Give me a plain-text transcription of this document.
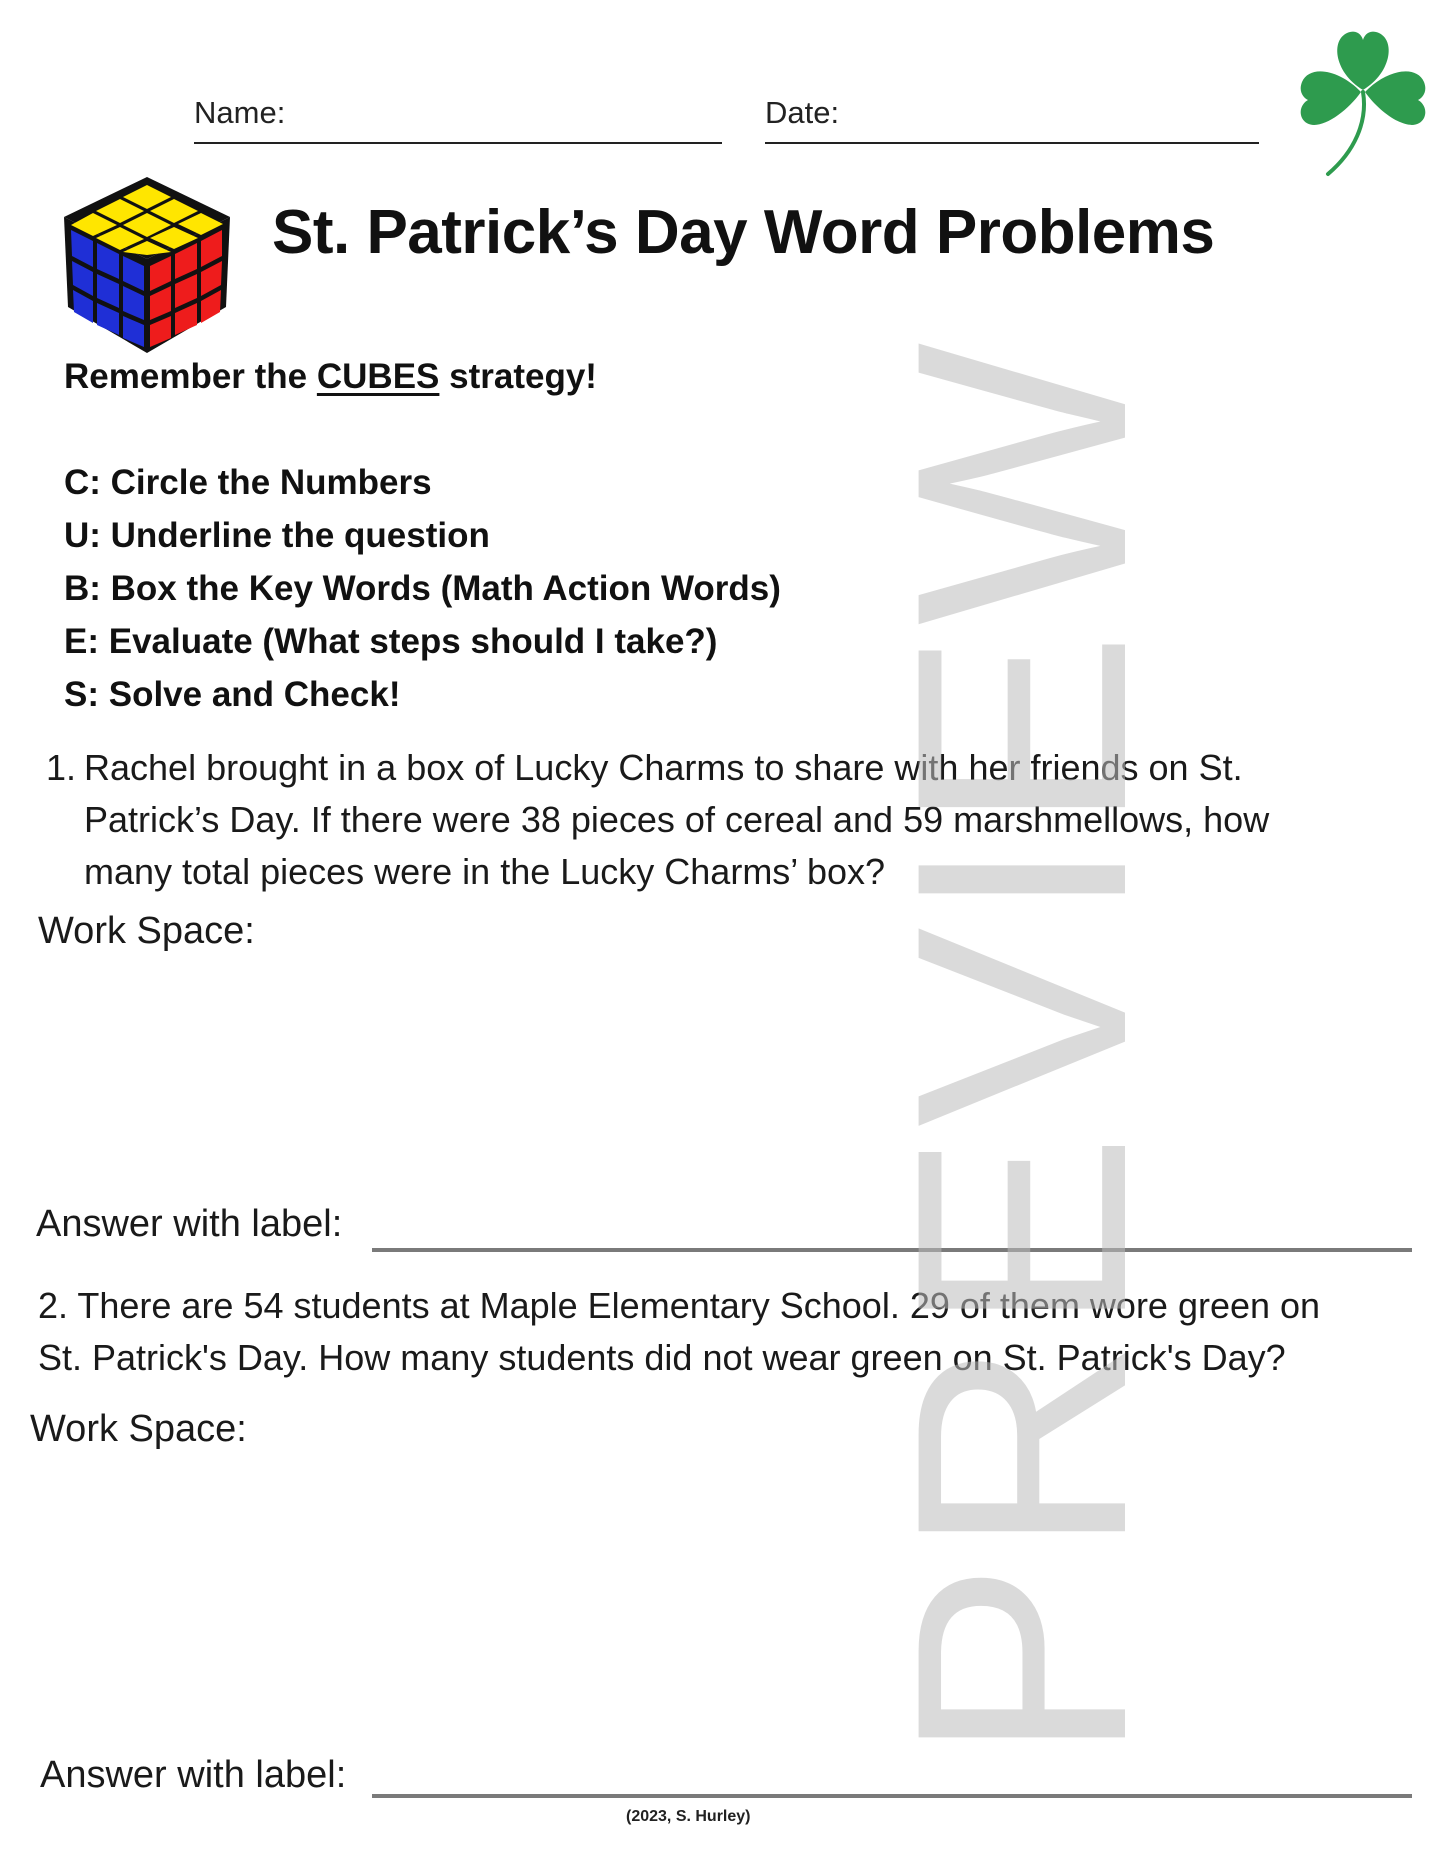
Name:	Date:
St. Patrick’s Day Word Problems
Remember the CUBES strategy!
C: Circle the Numbers
U: Underline the question
B: Box the Key Words (Math Action Words)
E: Evaluate (What steps should I take?)
S: Solve and Check!
1. Rachel brought in a box of Lucky Charms to share with her friends on St.
Patrick’s Day. If there were 38 pieces of cereal and 59 marshmellows, how
many total pieces were in the Lucky Charms’ box?
Work Space:
Answer with label:
2. There are 54 students at Maple Elementary School. 29 of them wore green on
St. Patrick's Day. How many students did not wear green on St. Patrick's Day?
Work Space:
Answer with label:
(2023, S. Hurley)
PREVIEW
